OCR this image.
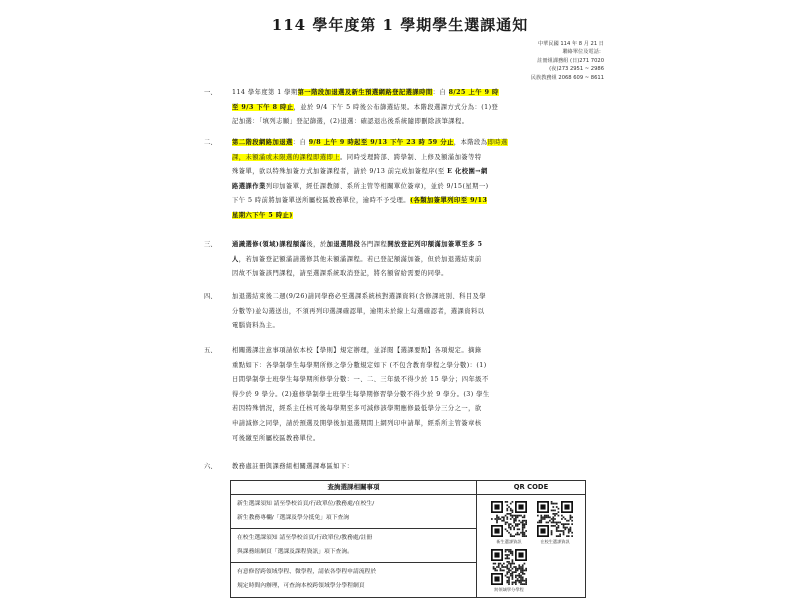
114 學年度第 1 學期學生選課通知
中華民國 114 年 8 月 21 日
聯絡單位及電話：
註冊組課務組 (日)271 7020
(夜)273 2951 ~ 2986
民族教務組 2068 609 ~ 8611
一、	114 學年度第 1 學期第一階段加退選及新生預選網路登記選課時間：自 8/25 上午 9 時
至 9/3 下午 8 時止，並於 9/4 下午 5 時後公布篩選結果。本階段選課方式分為：(1)登
記加選：「填列志願」登記篩選，(2)退選：確認退出後系統隨即刪除該筆課程。
二、	第二階段網路加退選：自 9/8 上午 9 時起至 9/13 下午 23 時 59 分止，本階段為即時選
課，未額滿或未限選的課程即選即上。同時受理跨部、跨學制、上修及額滿加簽等特
殊簽單，欲以特殊加簽方式加簽課程者，請於 9/13 前完成加簽程序(至 E 化校園→網
路選課作業列印加簽單，經任課教師、系所主管等相關單位簽章)，並於 9/15(星期一)
下午 5 時前將加簽單送所屬校區教務單位，逾時不予受理。(各類加簽單列印至 9/13
星期六下午 5 時止)
三、	通識選修(領域)課程額滿後，於加退選階段各門課程開放登記列印額滿加簽單至多 5
人，若加簽登記額滿請選修其他未額滿課程。若已登記額滿加簽，但於加退選結束前
因故不加簽該門課程，請至選課系統取消登記，將名額留給需要的同學。
四、	加退選結束後二週(9/26)請同學務必至選課系統核對選課資料(含修課班別、科目及學
分數等)並勾選送出，不須再列印選課確認單，逾期未於線上勾選確認者，選課資料以
電腦資料為主。
五、	相關選課注意事項請依本校【學則】規定辦理，並詳閱【選課要點】各項規定。摘錄
重點如下：各學制學生每學期所修之學分數規定如下 (不包含教育學程之學分數)：(1)
日間學制學士班學生每學期所修學分數：一、二、三年級不得少於 15 學分；四年級不
得少於 9 學分。(2)進修學制學士班學生每學期修習學分數不得少於 9 學分。(3) 學生
若因特殊情況，經系主任核可後每學期至多可減修該學期應修最低學分三分之一，欲
申請減修之同學，請於預選及開學後加退選期間上網列印申請單，經系所主管簽章核
可後繳至所屬校區教務單位。
六、	教務處註冊與課務組相關選課專區如下：
查詢選課相關事項	QR CODE
新生選課須知 請至學校首頁/行政單位/教務處/在校生/
新生教務專欄/「選課及學分抵免」項下查詢
在校生選課須知 請至學校首頁/行政單位/教務處/註冊
與課務組網頁「選課及課程資訊」項下查詢。
有意修習跨領域學程、微學程，請依各學程申請流程於
規定時間內辦理，可查詢本校跨領域學分學程網頁
新生選課資訊	在校生選課資訊
跨領域學分學程
